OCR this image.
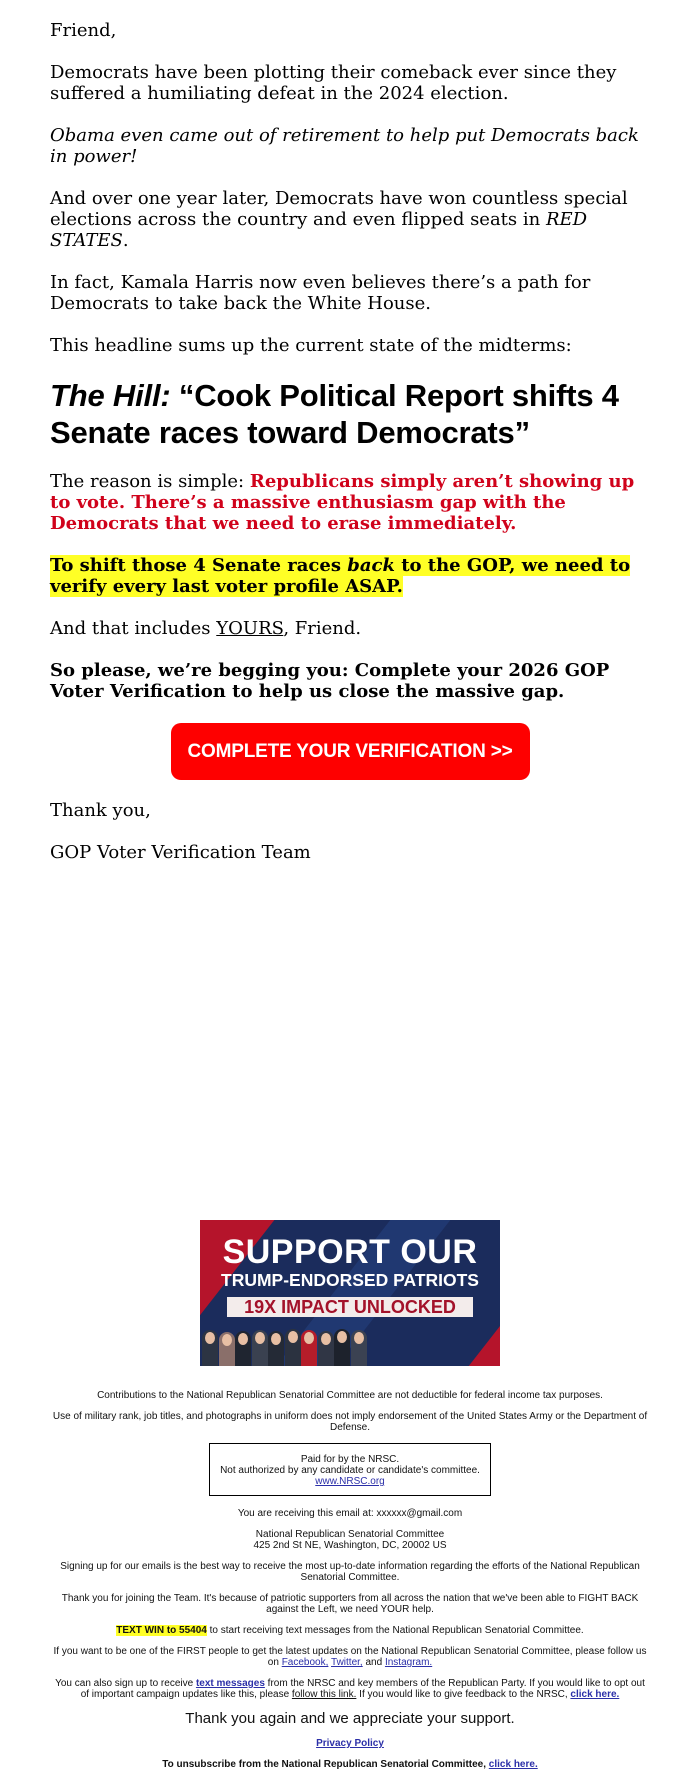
Friend,

Democrats have been plotting their comeback ever since they suffered a humiliating defeat in the 2024 election.

Obama even came out of retirement to help put Democrats back in power!

And over one year later, Democrats have won countless special elections across the country and even flipped seats in RED STATES.

In fact, Kamala Harris now even believes there’s a path for Democrats to take back the White House.

This headline sums up the current state of the midterms:

The Hill: “Cook Political Report shifts 4 Senate races toward Democrats”

The reason is simple: Republicans simply aren’t showing up to vote. There’s a massive enthusiasm gap with the Democrats that we need to erase immediately.

To shift those 4 Senate races back to the GOP, we need to verify every last voter profile ASAP.

And that includes YOURS, Friend.

So please, we’re begging you: Complete your 2026 GOP Voter Verification to help us close the massive gap.

COMPLETE YOUR VERIFICATION >>

Thank you,

GOP Voter Verification Team

SUPPORT OUR
TRUMP-ENDORSED PATRIOTS
19X IMPACT UNLOCKED

Contributions to the National Republican Senatorial Committee are not deductible for federal income tax purposes.

Use of military rank, job titles, and photographs in uniform does not imply endorsement of the United States Army or the Department of Defense.

Paid for by the NRSC.
Not authorized by any candidate or candidate's committee.
www.NRSC.org

You are receiving this email at: xxxxxx@gmail.com

National Republican Senatorial Committee
425 2nd St NE, Washington, DC, 20002 US

Signing up for our emails is the best way to receive the most up-to-date information regarding the efforts of the National Republican Senatorial Committee.

Thank you for joining the Team. It's because of patriotic supporters from all across the nation that we've been able to FIGHT BACK against the Left, we need YOUR help.

TEXT WIN to 55404 to start receiving text messages from the National Republican Senatorial Committee.

If you want to be one of the FIRST people to get the latest updates on the National Republican Senatorial Committee, please follow us on Facebook, Twitter, and Instagram.

You can also sign up to receive text messages from the NRSC and key members of the Republican Party. If you would like to opt out of important campaign updates like this, please follow this link. If you would like to give feedback to the NRSC, click here.

Thank you again and we appreciate your support.

Privacy Policy

To unsubscribe from the National Republican Senatorial Committee, click here.
